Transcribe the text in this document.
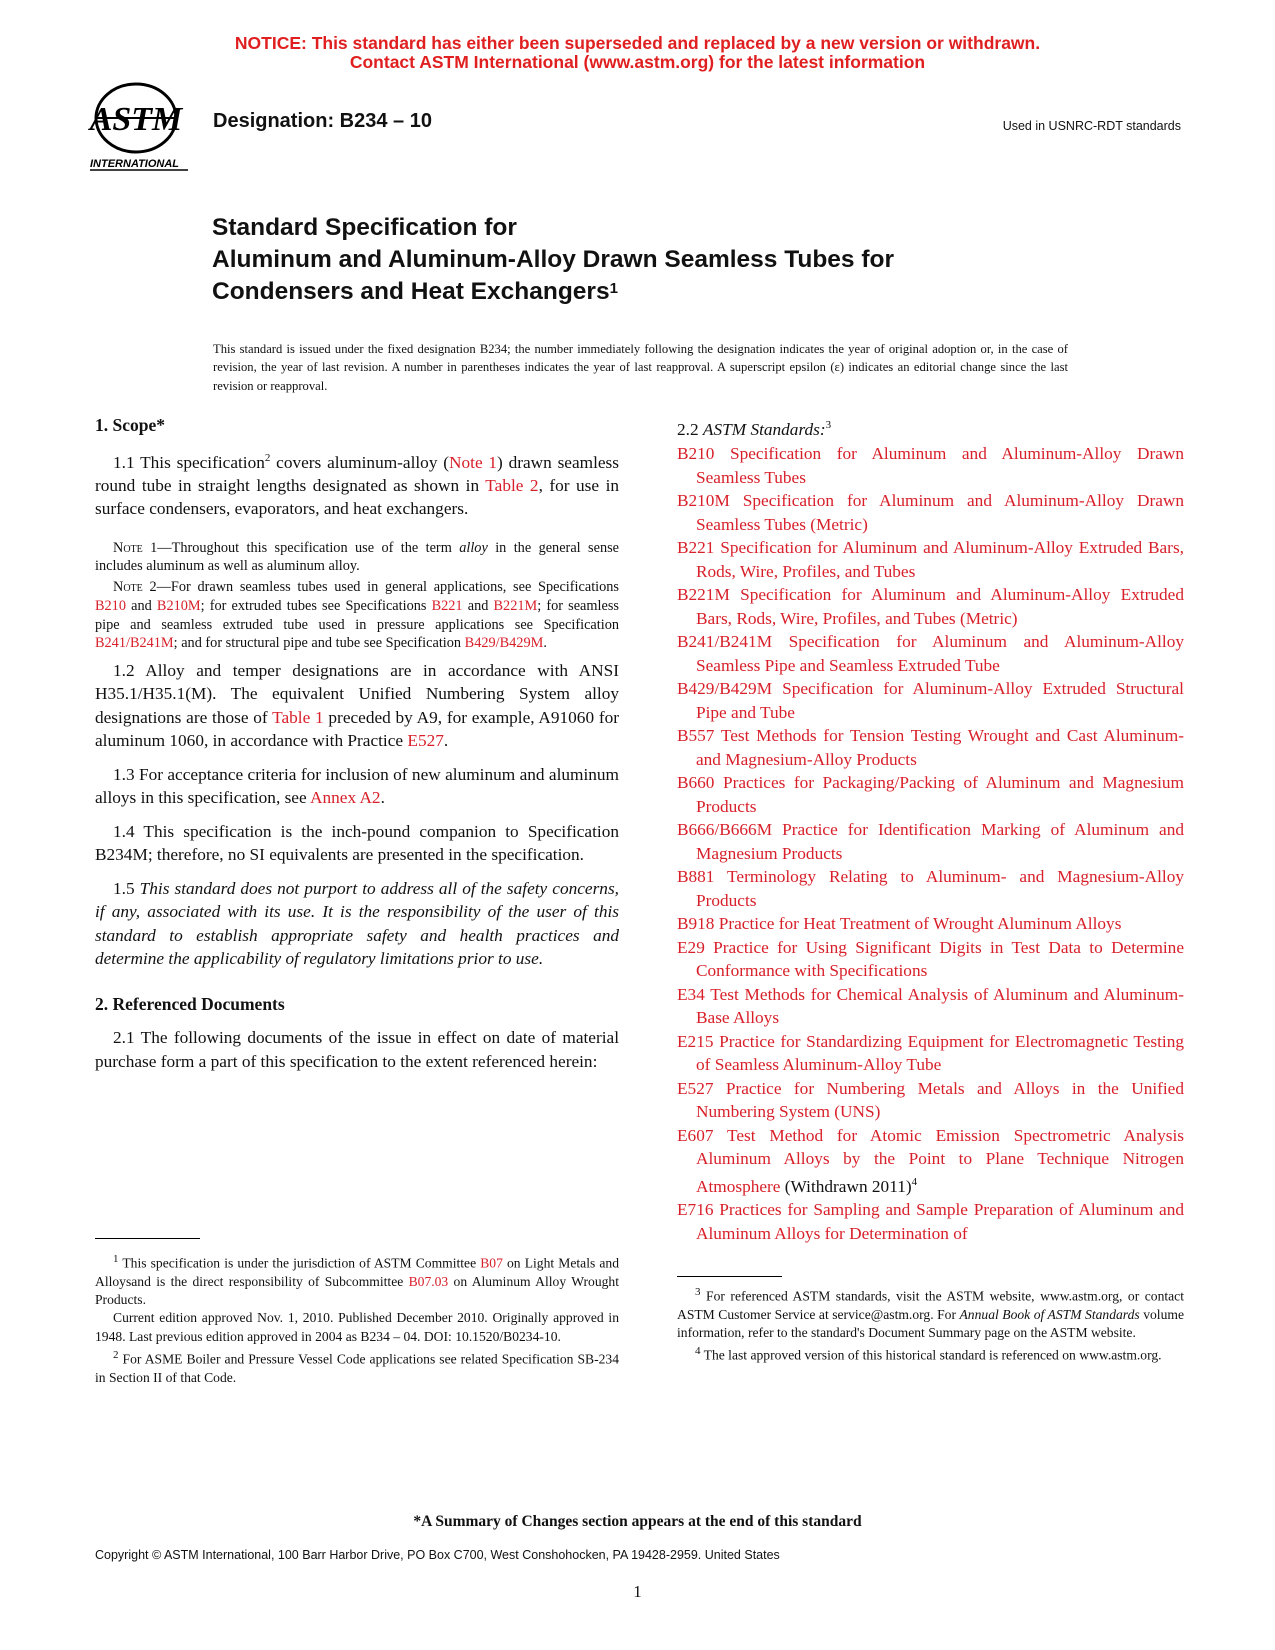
NOTICE: This standard has either been superseded and replaced by a new version or withdrawn.
Contact ASTM International (www.astm.org) for the latest information
ASTM
INTERNATIONAL
Designation: B234 – 10	Used in USNRC-RDT standards
Standard Specification for
Aluminum and Aluminum-Alloy Drawn Seamless Tubes for
Condensers and Heat Exchangers$^1$
This standard is issued under the fixed designation B234; the number immediately following the designation indicates the year of original adoption or, in the case of revision, the year of last revision. A number in parentheses indicates the year of last reapproval. A superscript epsilon (ε) indicates an editorial change since the last revision or reapproval.
1. Scope*

1.1 This specification$^2$ covers aluminum-alloy (Note 1) drawn seamless round tube in straight lengths designated as shown in Table 2, for use in surface condensers, evaporators, and heat exchangers.

Note 1—Throughout this specification use of the term alloy in the general sense includes aluminum as well as aluminum alloy.

Note 2—For drawn seamless tubes used in general applications, see Specifications B210 and B210M; for extruded tubes see Specifications B221 and B221M; for seamless pipe and seamless extruded tube used in pressure applications see Specification B241/B241M; and for structural pipe and tube see Specification B429/B429M.

1.2 Alloy and temper designations are in accordance with ANSI H35.1/H35.1(M). The equivalent Unified Numbering System alloy designations are those of Table 1 preceded by A9, for example, A91060 for aluminum 1060, in accordance with Practice E527.

1.3 For acceptance criteria for inclusion of new aluminum and aluminum alloys in this specification, see Annex A2.

1.4 This specification is the inch-pound companion to Specification B234M; therefore, no SI equivalents are presented in the specification.

1.5 This standard does not purport to address all of the safety concerns, if any, associated with its use. It is the responsibility of the user of this standard to establish appropriate safety and health practices and determine the applicability of regulatory limitations prior to use.

2. Referenced Documents

2.1 The following documents of the issue in effect on date of material purchase form a part of this specification to the extent referenced herein:

$^1$ This specification is under the jurisdiction of ASTM Committee B07 on Light Metals and Alloysand is the direct responsibility of Subcommittee B07.03 on Aluminum Alloy Wrought Products.

Current edition approved Nov. 1, 2010. Published December 2010. Originally approved in 1948. Last previous edition approved in 2004 as B234 – 04. DOI: 10.1520/B0234-10.

$^2$ For ASME Boiler and Pressure Vessel Code applications see related Specification SB-234 in Section II of that Code.

2.2 ASTM Standards:$^3$

B210 Specification for Aluminum and Aluminum-Alloy Drawn Seamless Tubes

B210M Specification for Aluminum and Aluminum-Alloy Drawn Seamless Tubes (Metric)

B221 Specification for Aluminum and Aluminum-Alloy Extruded Bars, Rods, Wire, Profiles, and Tubes

B221M Specification for Aluminum and Aluminum-Alloy Extruded Bars, Rods, Wire, Profiles, and Tubes (Metric)

B241/B241M Specification for Aluminum and Aluminum-Alloy Seamless Pipe and Seamless Extruded Tube

B429/B429M Specification for Aluminum-Alloy Extruded Structural Pipe and Tube

B557 Test Methods for Tension Testing Wrought and Cast Aluminum- and Magnesium-Alloy Products

B660 Practices for Packaging/Packing of Aluminum and Magnesium Products

B666/B666M Practice for Identification Marking of Aluminum and Magnesium Products

B881 Terminology Relating to Aluminum- and Magnesium-Alloy Products

B918 Practice for Heat Treatment of Wrought Aluminum Alloys

E29 Practice for Using Significant Digits in Test Data to Determine Conformance with Specifications

E34 Test Methods for Chemical Analysis of Aluminum and Aluminum-Base Alloys

E215 Practice for Standardizing Equipment for Electromagnetic Testing of Seamless Aluminum-Alloy Tube

E527 Practice for Numbering Metals and Alloys in the Unified Numbering System (UNS)

E607 Test Method for Atomic Emission Spectrometric Analysis Aluminum Alloys by the Point to Plane Technique Nitrogen Atmosphere (Withdrawn 2011)$^4$

E716 Practices for Sampling and Sample Preparation of Aluminum and Aluminum Alloys for Determination of

$^3$ For referenced ASTM standards, visit the ASTM website, www.astm.org, or contact ASTM Customer Service at service@astm.org. For Annual Book of ASTM Standards volume information, refer to the standard's Document Summary page on the ASTM website.

$^4$ The last approved version of this historical standard is referenced on www.astm.org.

*A Summary of Changes section appears at the end of this standard
Copyright © ASTM International, 100 Barr Harbor Drive, PO Box C700, West Conshohocken, PA 19428-2959. United States
1
